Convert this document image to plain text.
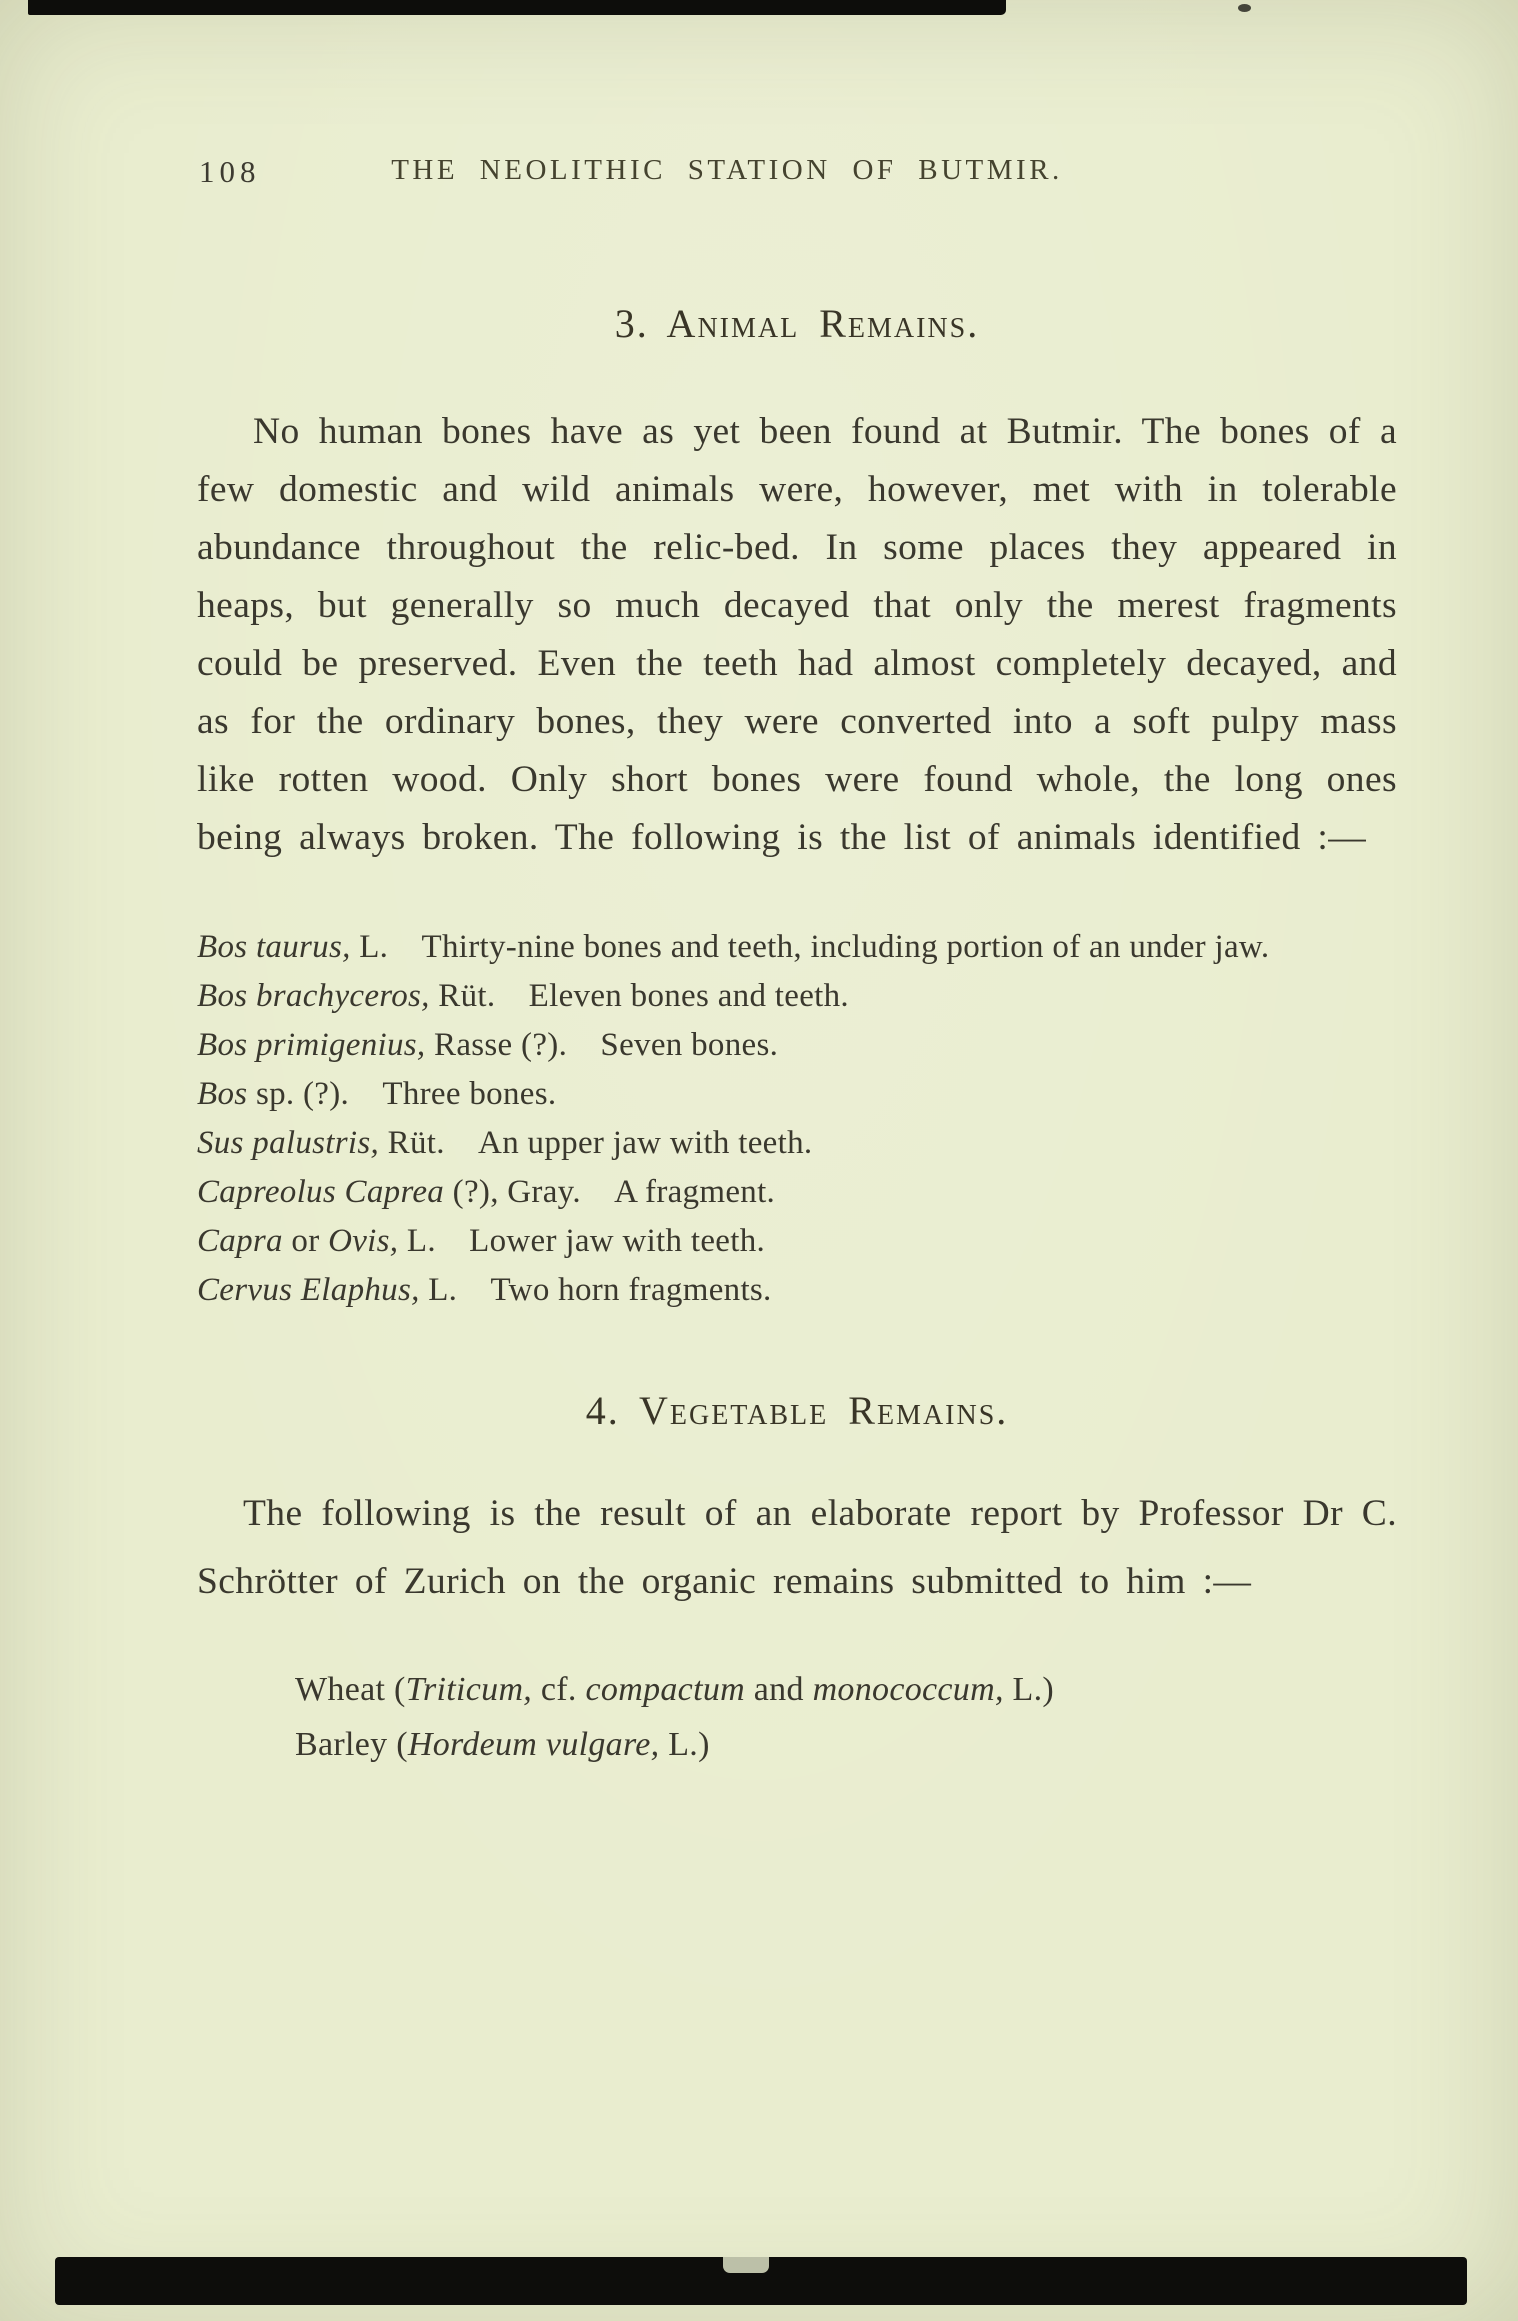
108	THE NEOLITHIC STATION OF BUTMIR.
3. Animal Remains.

No human bones have as yet been found at Butmir. The bones of a few domestic and wild animals were, however, met with in tolerable abundance throughout the relic-bed. In some places they appeared in heaps, but generally so much decayed that only the merest fragments could be preserved. Even the teeth had almost completely decayed, and as for the ordinary bones, they were converted into a soft pulpy mass like rotten wood. Only short bones were found whole, the long ones being always broken. The following is the list of animals identified :—

Bos taurus, L. Thirty-nine bones and teeth, including portion of an under jaw.
Bos brachyceros, Rüt. Eleven bones and teeth.
Bos primigenius, Rasse (?). Seven bones.
Bos sp. (?). Three bones.
Sus palustris, Rüt. An upper jaw with teeth.
Capreolus Caprea (?), Gray. A fragment.
Capra or Ovis, L. Lower jaw with teeth.
Cervus Elaphus, L. Two horn fragments.
4. Vegetable Remains.

The following is the result of an elaborate report by Professor Dr C. Schrötter of Zurich on the organic remains submitted to him :—

Wheat (Triticum, cf. compactum and monococcum, L.)
Barley (Hordeum vulgare, L.)
